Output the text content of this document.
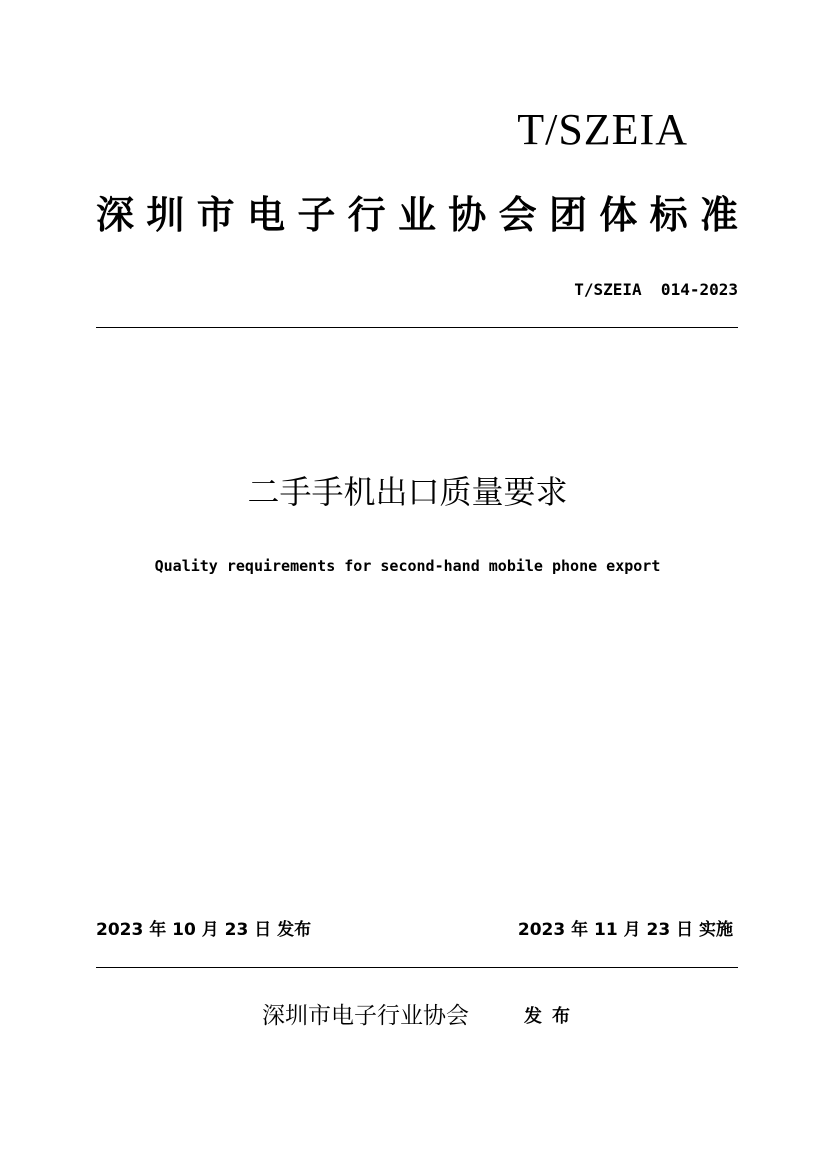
T/SZEIA
深 圳 市 电 子 行 业 协 会 团 体 标 准
T/SZEIA  014-2023
二手手机出口质量要求
Quality requirements for second-hand mobile phone export
2023 年 10 月 23 日 发布	2023 年 11 月 23 日 实施
深圳市电子行业协会	发布
